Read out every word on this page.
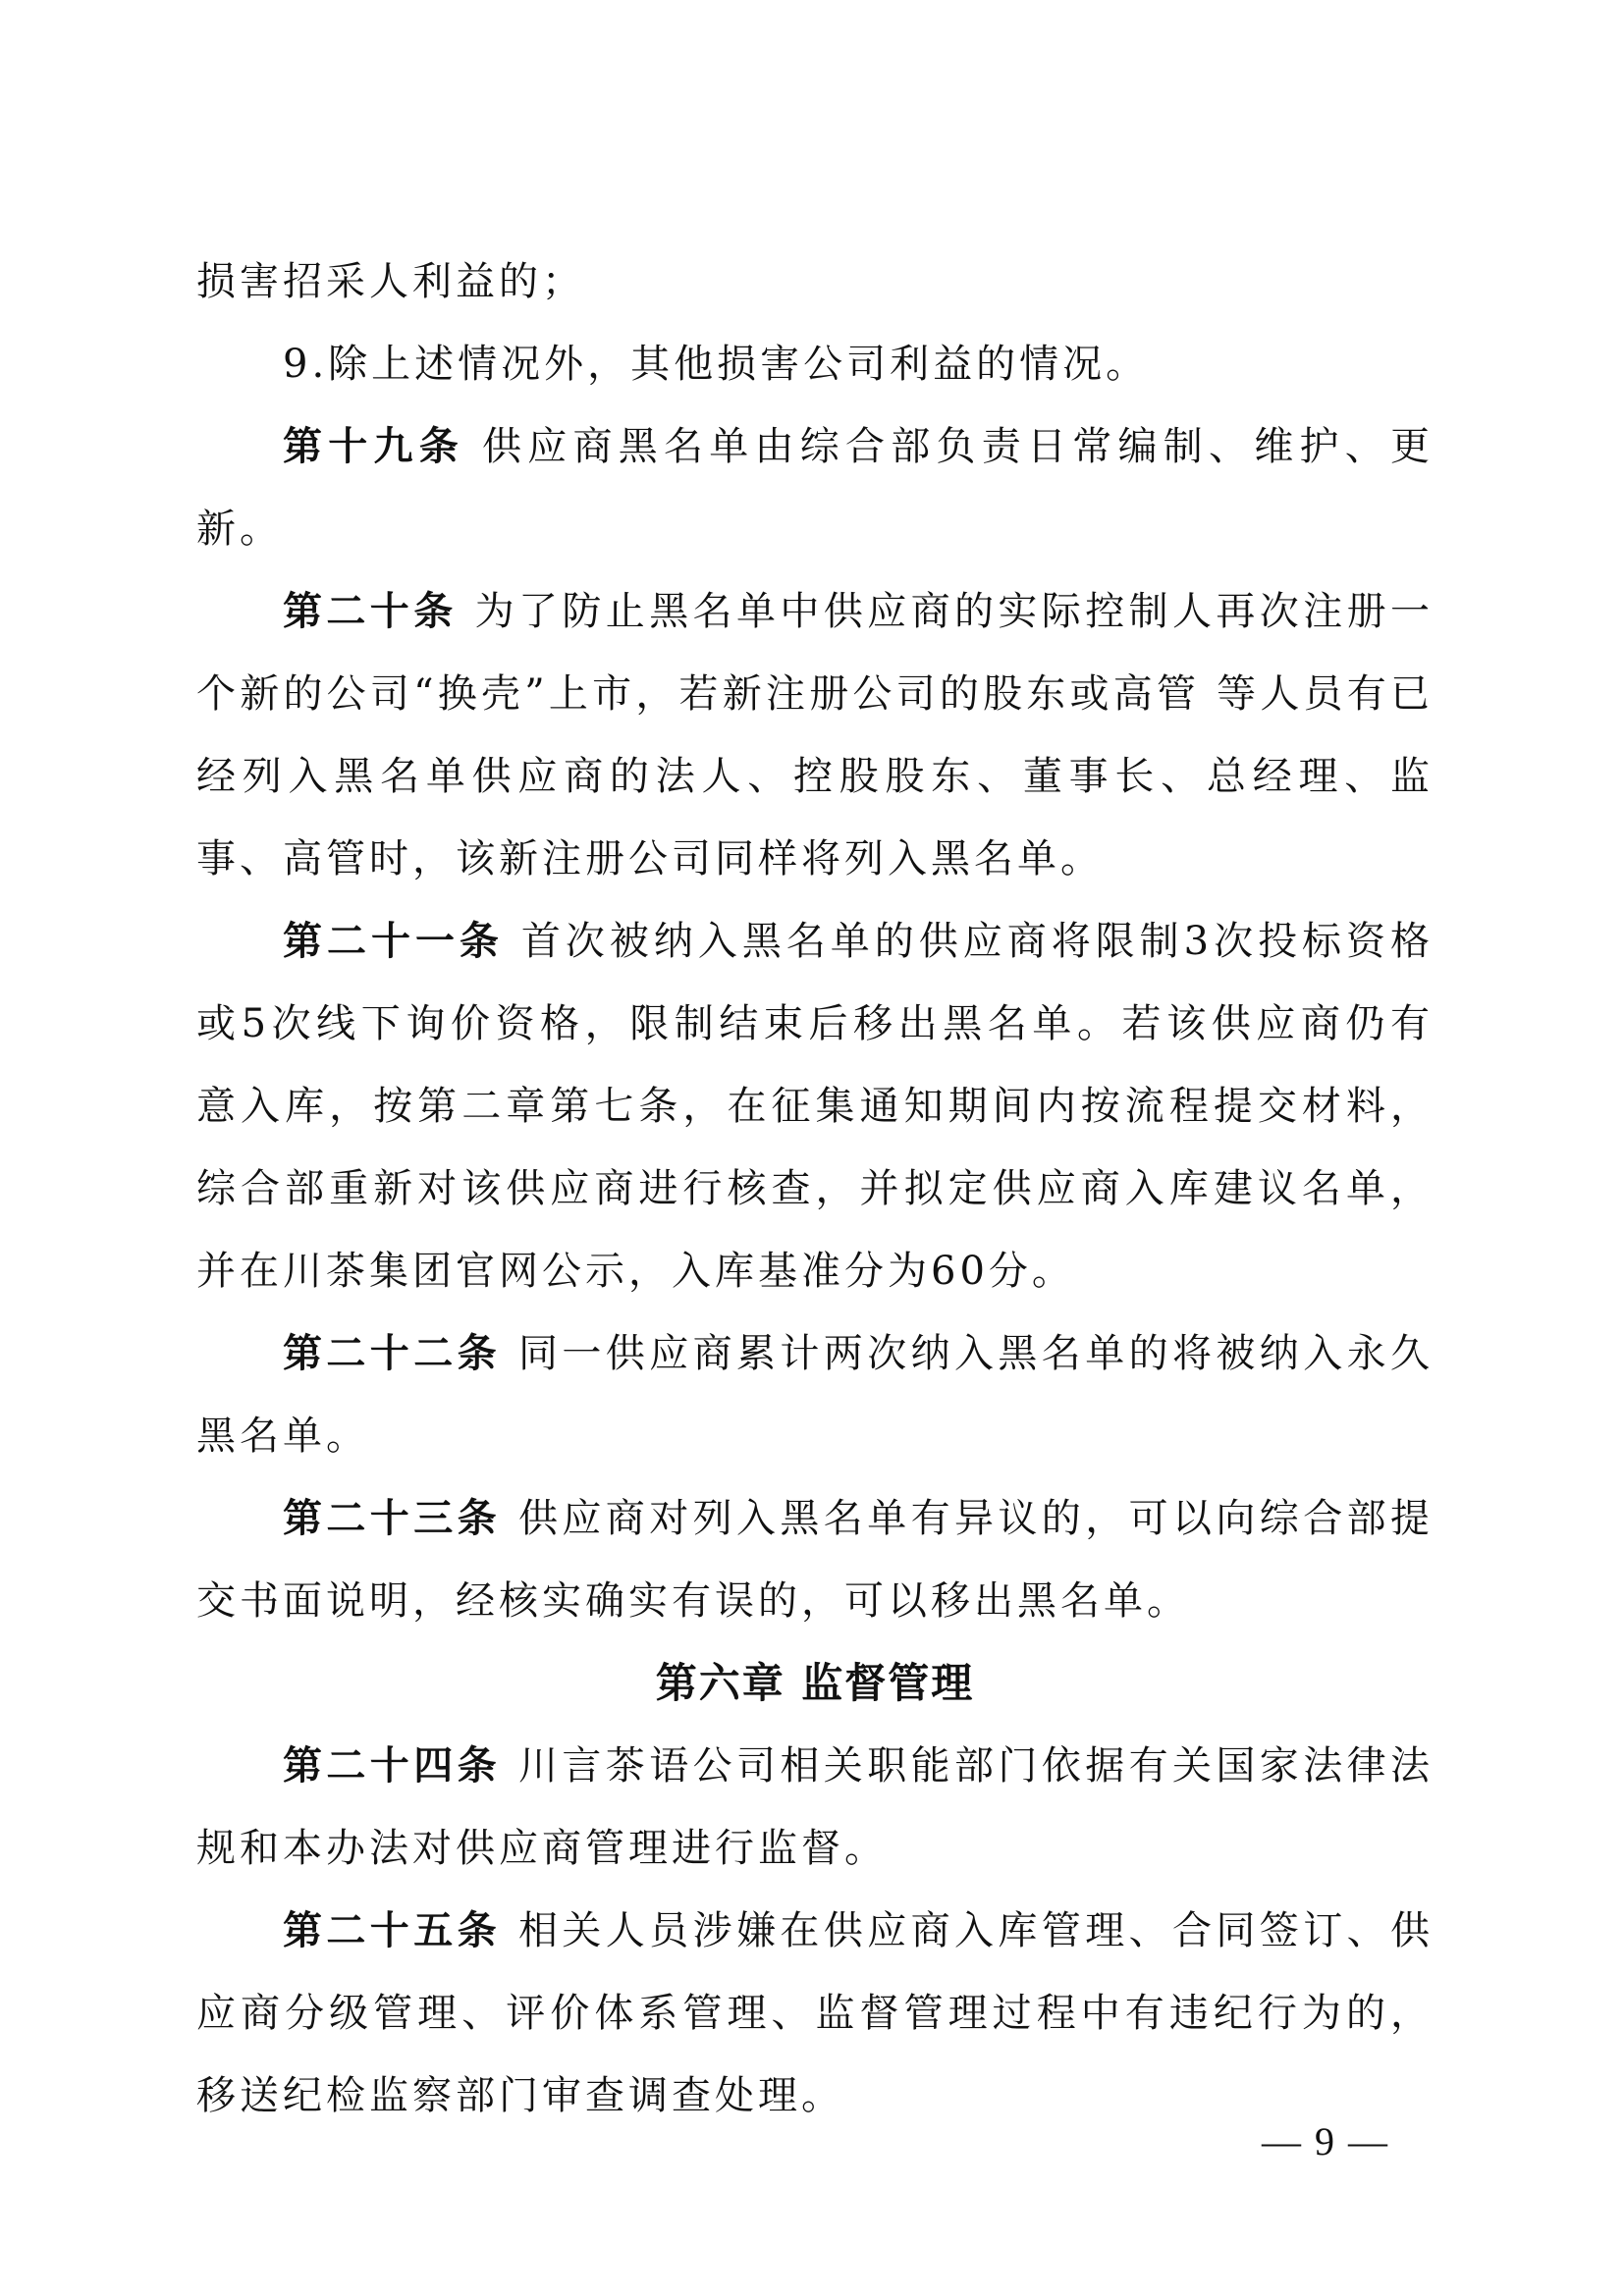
损害招采人利益的；

9.除上述情况外，其他损害公司利益的情况。

第十九条 供应商黑名单由综合部负责日常编制、维护、更新。

第二十条 为了防止黑名单中供应商的实际控制人再次注册一个新的公司“换壳”上市，若新注册公司的股东或高管 等人员有已经列入黑名单供应商的法人、控股股东、董事长、总经理、监事、高管时，该新注册公司同样将列入黑名单。

第二十一条 首次被纳入黑名单的供应商将限制3次投标资格或5次线下询价资格，限制结束后移出黑名单。若该供应商仍有意入库，按第二章第七条，在征集通知期间内按流程提交材料，综合部重新对该供应商进行核查，并拟定供应商入库建议名单，并在川茶集团官网公示，入库基准分为60分。

第二十二条 同一供应商累计两次纳入黑名单的将被纳入永久黑名单。

第二十三条 供应商对列入黑名单有异议的，可以向综合部提交书面说明，经核实确实有误的，可以移出黑名单。

第六章 监督管理

第二十四条 川言茶语公司相关职能部门依据有关国家法律法规和本办法对供应商管理进行监督。

第二十五条 相关人员涉嫌在供应商入库管理、合同签订、供应商分级管理、评价体系管理、监督管理过程中有违纪行为的，移送纪检监察部门审查调查处理。

— 9 —
